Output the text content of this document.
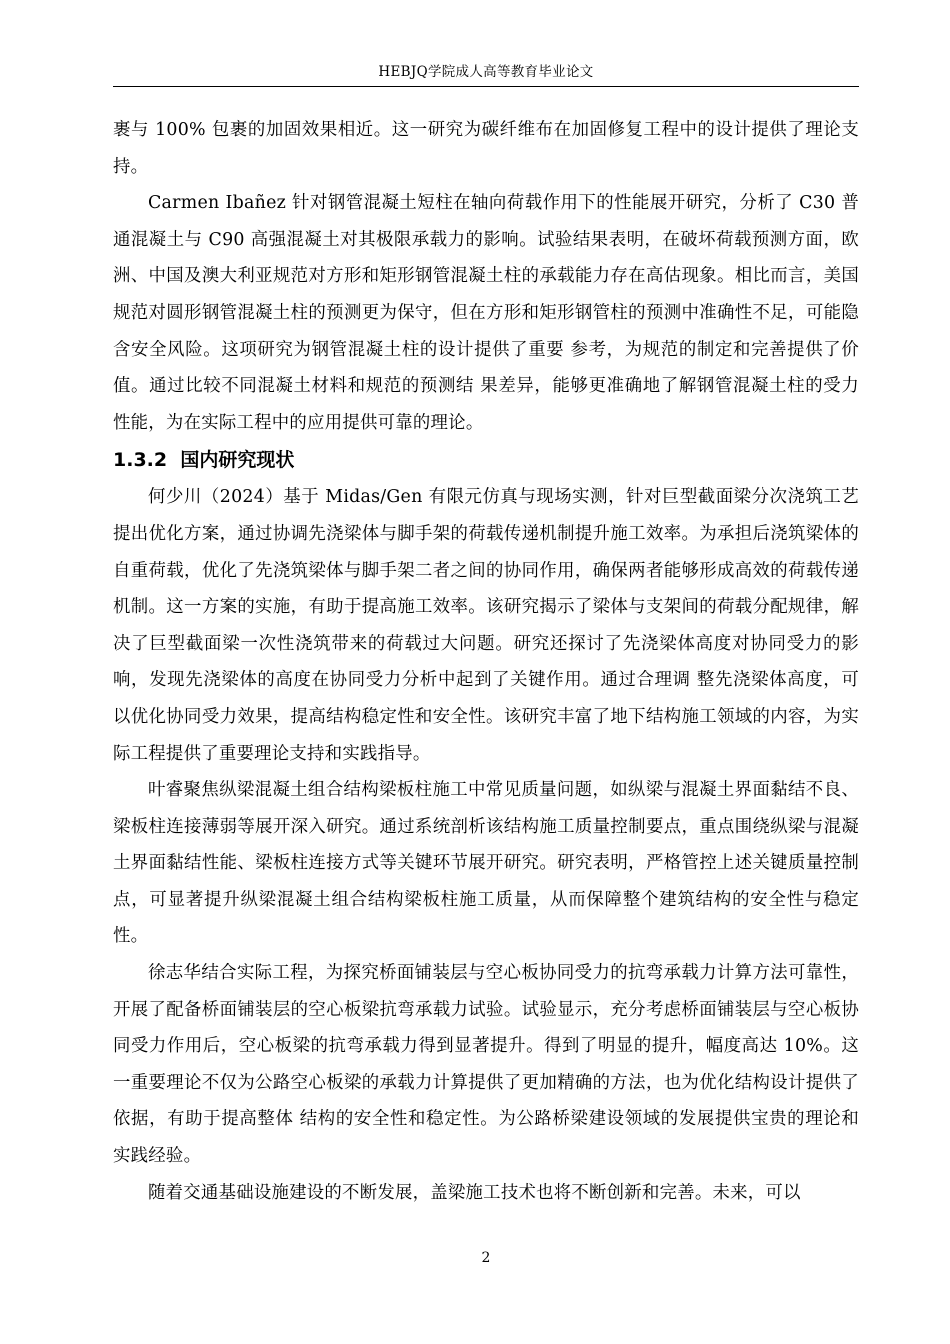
HEBJQ学院成人高等教育毕业论文

裹与 100% 包裹的加固效果相近。这一研究为碳纤维布在加固修复工程中的设计提供了理论支持。

Carmen Ibañez 针对钢管混凝土短柱在轴向荷载作用下的性能展开研究，分析了 C30 普通混凝土与 C90 高强混凝土对其极限承载力的影响。试验结果表明，在破坏荷载预测方面，欧洲、中国及澳大利亚规范对方形和矩形钢管混凝土柱的承载能力存在高估现象。相比而言，美国规范对圆形钢管混凝土柱的预测更为保守，但在方形和矩形钢管柱的预测中准确性不足，可能隐含安全风险。这项研究为钢管混凝土柱的设计提供了重要 参考，为规范的制定和完善提供了价值。通过比较不同混凝土材料和规范的预测结 果差异，能够更准确地了解钢管混凝土柱的受力性能，为在实际工程中的应用提供可靠的理论。

1.3.2 国内研究现状

何少川（2024）基于 Midas/Gen 有限元仿真与现场实测，针对巨型截面梁分次浇筑工艺提出优化方案，通过协调先浇梁体与脚手架的荷载传递机制提升施工效率。为承担后浇筑梁体的自重荷载，优化了先浇筑梁体与脚手架二者之间的协同作用，确保两者能够形成高效的荷载传递机制。这一方案的实施，有助于提高施工效率。该研究揭示了梁体与支架间的荷载分配规律，解决了巨型截面梁一次性浇筑带来的荷载过大问题。研究还探讨了先浇梁体高度对协同受力的影响，发现先浇梁体的高度在协同受力分析中起到了关键作用。通过合理调 整先浇梁体高度，可以优化协同受力效果，提高结构稳定性和安全性。该研究丰富了地下结构施工领域的内容，为实际工程提供了重要理论支持和实践指导。

叶睿聚焦纵梁混凝土组合结构梁板柱施工中常见质量问题，如纵梁与混凝土界面黏结不良、梁板柱连接薄弱等展开深入研究。通过系统剖析该结构施工质量控制要点，重点围绕纵梁与混凝土界面黏结性能、梁板柱连接方式等关键环节展开研究。研究表明，严格管控上述关键质量控制点，可显著提升纵梁混凝土组合结构梁板柱施工质量，从而保障整个建筑结构的安全性与稳定性。

徐志华结合实际工程，为探究桥面铺装层与空心板协同受力的抗弯承载力计算方法可靠性，开展了配备桥面铺装层的空心板梁抗弯承载力试验。试验显示，充分考虑桥面铺装层与空心板协同受力作用后，空心板梁的抗弯承载力得到显著提升。得到了明显的提升，幅度高达 10%。这一重要理论不仅为公路空心板梁的承载力计算提供了更加精确的方法，也为优化结构设计提供了依据，有助于提高整体 结构的安全性和稳定性。为公路桥梁建设领域的发展提供宝贵的理论和实践经验。

随着交通基础设施建设的不断发展，盖梁施工技术也将不断创新和完善。未来，可以

2
